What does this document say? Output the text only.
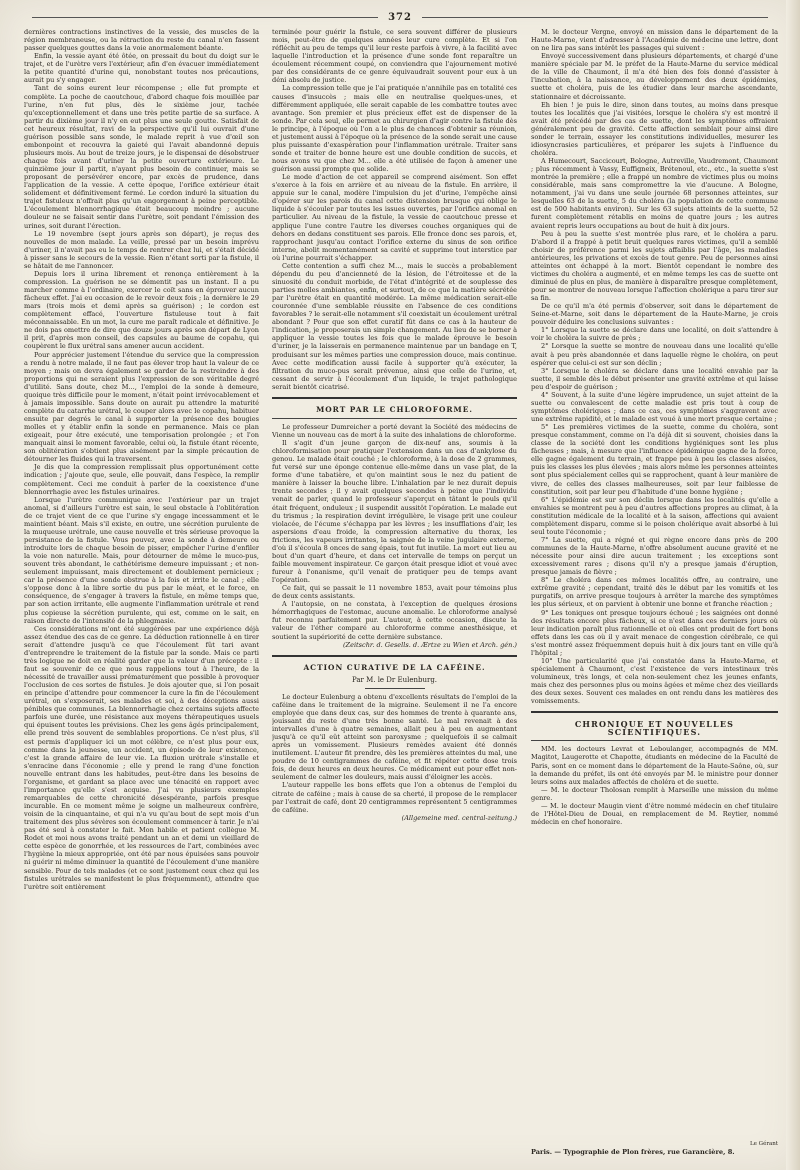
372

dernières contractions instinctives de la vessie, des muscles de la région membraneuse, ou la rétraction du reste du canal n'en fassent passer quelques gouttes dans la voie anormalement béante.

Enfin, la vessie ayant été ôtée, on pressait du bout du doigt sur le trajet, et de l'urètre vers l'extérieur, afin d'en évacuer immédiatement la petite quantité d'urine qui, nonobstant toutes nos précautions, aurait pu s'y engager.

Tant de soins eurent leur récompense ; elle fut prompte et complète. La poche de caoutchouc, d'abord chaque fois mouillée par l'urine, n'en fut plus, dès le sixième jour, tachée qu'exceptionnellement et dans une très petite partie de sa surface. A partir du dixième jour il n'y en eut plus une seule goutte. Satisfait de cet heureux résultat, ravi de la perspective qu'il lui ouvrait d'une guérison possible sans sonde, le malade reprit à vue d'œil son embonpoint et recouvra la gaieté qui l'avait abandonné depuis plusieurs mois. Au bout de treize jours, je le dispensai de désobstruer chaque fois avant d'uriner la petite ouverture extérieure. Le quinzième jour il partit, n'ayant plus besoin de continuer, mais se proposant de persévérer encore, par excès de prudence, dans l'application de la vessie. A cette époque, l'orifice extérieur était solidement et définitivement fermé. Le cordon induré la situation du trajet fistuleux n'offrait plus qu'un engorgement à peine perceptible. L'écoulement blennorrhagique était beaucoup moindre ; aucune douleur ne se faisait sentir dans l'urètre, soit pendant l'émission des urines, soit durant l'érection.

Le 19 novembre (sept jours après son départ), je reçus des nouvelles de mon malade. La veille, pressé par un besoin imprévu d'uriner, il n'avait pas eu le temps de rentrer chez lui, et s'était décidé à pisser sans le secours de la vessie. Rien n'étant sorti par la fistule, il se hâtait de me l'annoncer.

Depuis lors il urina librement et renonça entièrement à la compression. La guérison ne se démentit pas un instant. Il a pu marcher comme à l'ordinaire, exercer le coït sans en éprouver aucun fâcheux effet. J'ai eu occasion de le revoir deux fois ; la dernière le 29 mars (trois mois et demi après sa guérison) ; le cordon est complètement effacé, l'ouverture fistuleuse tout à fait méconnaissable. En un mot, la cure me paraît radicale et définitive. Je ne dois pas omettre de dire que douze jours après son départ de Lyon il prit, d'après mon conseil, des capsules au baume de copahu, qui coupèrent le flux urétral sans amener aucun accident.

Pour apprécier justement l'étendue du service que la compression a rendu à notre malade, il ne faut pas élever trop haut la valeur de ce moyen ; mais on devra également se garder de la restreindre à des proportions qui ne seraient plus l'expression de son véritable degré d'utilité. Sans doute, chez M..., l'emploi de la sonde à demeure, quoique très difficile pour le moment, n'était point irrévocablement et à jamais impossible. Sans doute on aurait pu attendre la maturité complète du catarrhe urétral, le couper alors avec le copahu, habituer ensuite par degrés le canal à supporter la présence des bougies molles et y établir enfin la sonde en permanence. Mais ce plan exigeait, pour être exécuté, une temporisation prolongée ; et l'on manquait ainsi le moment favorable, celui où, la fistule étant récente, son oblitération s'obtient plus aisément par la simple précaution de détourner les fluides qui la traversent.

Je dis que la compression remplissait plus opportunément cette indication ; j'ajoute que, seule, elle pouvait, dans l'espèce, la remplir complètement. Ceci me conduit à parler de la coexistence d'une blennorrhagie avec les fistules urinaires.

Lorsque l'urètre communique avec l'extérieur par un trajet anomal, si d'ailleurs l'urètre est sain, le seul obstacle à l'oblitération de ce trajet vient de ce que l'urine s'y engage incessamment et le maintient béant. Mais s'il existe, en outre, une sécrétion purulente de la muqueuse urétrale, une cause nouvelle et très sérieuse provoque la persistance de la fistule. Vous pouvez, avec la sonde à demeure ou introduite lors de chaque besoin de pisser, empêcher l'urine d'enfiler la voie non naturelle. Mais, pour détourner de même le muco-pus, souvent très abondant, le cathétérisme demeure impuissant ; et non-seulement impuissant, mais directement et doublement pernicieux ; car la présence d'une sonde obstrue à la fois et irrite le canal ; elle s'oppose donc à la libre sortie du pus par le méat, et le force, en conséquence, de s'engager à travers la fistule, en même temps que, par son action irritante, elle augmente l'inflammation urétrale et rend plus copieuse la sécrétion purulente, qui est, comme on le sait, en raison directe de l'intensité de la phlegmasie.

Ces considérations m'ont été suggérées par une expérience déjà assez étendue des cas de ce genre. La déduction rationnelle à en tirer serait d'attendre jusqu'à ce que l'écoulement fût tari avant d'entreprendre le traitement de la fistule par la sonde. Mais ce parti très logique ne doit en réalité garder que la valeur d'un précepte : il faut se souvenir de ce que nous rappelions tout à l'heure, de la nécessité de travailler aussi prématurément que possible à provoquer l'occlusion de ces sortes de fistules. Je dois ajouter que, si l'on posait en principe d'attendre pour commencer la cure la fin de l'écoulement urétral, on s'exposerait, ses malades et soi, à des déceptions aussi pénibles que communes. La blennorrhagie chez certains sujets affecte parfois une durée, une résistance aux moyens thérapeutiques usuels qui épuisent toutes les prévisions. Chez les gens âgés principalement, elle prend très souvent de semblables proportions. Ce n'est plus, s'il est permis d'appliquer ici un mot célèbre, ce n'est plus pour eux, comme dans la jeunesse, un accident, un épisode de leur existence, c'est la grande affaire de leur vie. La fluxion urétrale s'installe et s'enracine dans l'économie ; elle y prend le rang d'une fonction nouvelle entrant dans les habitudes, peut-être dans les besoins de l'organisme, et gardant sa place avec une ténacité en rapport avec l'importance qu'elle s'est acquise. J'ai vu plusieurs exemples remarquables de cette chronicité désespérante, parfois presque incurable. En ce moment même je soigne un malheureux confrère, voisin de la cinquantaine, et qui n'a vu qu'au bout de sept mois d'un traitement des plus sévères son écoulement commencer à tarir. Je n'ai pas été seul à constater le fait. Mon habile et patient collègue M. Rodet et moi nous avons traité pendant un an et demi un vieillard de cette espèce de gonorrhée, et les ressources de l'art, combinées avec l'hygiène la mieux appropriée, ont été par nous épuisées sans pouvoir ni guérir ni même diminuer la quantité de l'écoulement d'une manière sensible. Pour de tels malades (et ce sont justement ceux chez qui les fistules urétrales se manifestent le plus fréquemment), attendre que l'urètre soit entièrement

terminée pour guérir la fistule, ce sera souvent différer de plusieurs mois, peut-être de quelques années leur cure complète. Et si l'on réfléchit au peu de temps qu'il leur reste parfois à vivre, à la facilité avec laquelle l'introduction et la présence d'une sonde font reparaître un écoulement récemment coupé, on conviendra que l'ajournement motivé par des considérants de ce genre équivaudrait souvent pour eux à un déni absolu de justice.

La compression telle que je l'ai pratiquée n'annihile pas en totalité ces causes d'insuccès ; mais elle en neutralise quelques-unes, et différemment appliquée, elle serait capable de les combattre toutes avec avantage. Son premier et plus précieux effet est de dispenser de la sonde. Par cela seul, elle permet au chirurgien d'agir contre la fistule dès le principe, à l'époque où l'on a le plus de chances d'obtenir sa réunion, et justement aussi à l'époque où la présence de la sonde serait une cause plus puissante d'exaspération pour l'inflammation urétrale. Traiter sans sonde et traiter de bonne heure est une double condition de succès, et nous avons vu que chez M... elle a été utilisée de façon à amener une guérison aussi prompte que solide.

Le mode d'action de cet appareil se comprend aisément. Son effet s'exerce à la fois en arrière et au niveau de la fistule. En arrière, il appuie sur le canal, modère l'impulsion du jet d'urine, l'empêche ainsi d'opérer sur les parois du canal cette distension brusque qui oblige le liquide à s'écouler par toutes les issues ouvertes, par l'orifice anomal en particulier. Au niveau de la fistule, la vessie de caoutchouc presse et applique l'une contre l'autre les diverses couches organiques qui de dehors en dedans constituent ses parois. Elle fronce donc ses parois, et, rapprochant jusqu'au contact l'orifice externe du sinus de son orifice interne, abolit momentanément sa cavité et supprime tout interstice par où l'urine pourrait s'échapper.

Cette contention a suffi chez M..., mais le succès a probablement dépendu du peu d'ancienneté de la lésion, de l'étroitesse et de la sinuosité du conduit morbide, de l'état d'intégrité et de souplesse des parties molles ambiantes, enfin, et surtout, de ce que la matière sécrétée par l'urètre était en quantité modérée. La même médication serait-elle couronnée d'une semblable réussite en l'absence de ces conditions favorables ? le serait-elle notamment s'il coexistait un écoulement urétral abondant ? Pour que son effet curatif fût dans ce cas à la hauteur de l'indication, je proposerais un simple changement. Au lieu de se borner à appliquer la vessie toutes les fois que le malade éprouve le besoin d'uriner, je la laisserais en permanence maintenue par un bandage en T, produisant sur les mêmes parties une compression douce, mais continue. Avec cette modification aussi facile à supporter qu'à exécuter, la filtration du muco-pus serait prévenue, ainsi que celle de l'urine, et, cessant de servir à l'écoulement d'un liquide, le trajet pathologique serait bientôt cicatrisé.

MORT PAR LE CHLOROFORME.

Le professeur Dumreicher a porté devant la Société des médecins de Vienne un nouveau cas de mort à la suite des inhalations de chloroforme.

Il s'agit d'un jeune garçon de dix-neuf ans, soumis à la chloroformisation pour pratiquer l'extension dans un cas d'ankylose du genou. Le malade était couché ; le chloroforme, à la dose de 2 grammes, fut versé sur une éponge contenue elle-même dans un vase plat, de la forme d'une tabatière, et qu'on maintint sous le nez du patient de manière à laisser la bouche libre. L'inhalation par le nez durait depuis trente secondes ; il y avait quelques secondes à peine que l'individu venait de parler, quand le professeur s'aperçut en tâtant le pouls qu'il était fréquent, onduleux ; il suspendit aussitôt l'opération. Le malade eut du trismus ; la respiration devint irrégulière, le visage prit une couleur violacée, de l'écume s'échappa par les lèvres ; les insufflations d'air, les aspersions d'eau froide, la compression alternative du thorax, les frictions, les vapeurs irritantes, la saignée de la veine jugulaire externe, d'où il s'écoula 8 onces de sang épais, tout fut inutile. La mort eut lieu au bout d'un quart d'heure, et dans cet intervalle de temps on perçut un faible mouvement inspirateur. Ce garçon était presque idiot et voué avec fureur à l'onanisme, qu'il venait de pratiquer peu de temps avant l'opération.

Ce fait, qui se passait le 11 novembre 1853, avait pour témoins plus de deux cents assistants.

A l'autopsie, on ne constata, à l'exception de quelques érosions hémorrhagiques de l'estomac, aucune anomalie. Le chloroforme analysé fut reconnu parfaitement pur. L'auteur, à cette occasion, discute la valeur de l'éther comparé au chloroforme comme anesthésique, et soutient la supériorité de cette dernière substance.

(Zeitschr. d. Gesells. d. Ærtze zu Wien et Arch. gén.)
ACTION CURATIVE DE LA CAFÉINE.
Par M. le Dr Eulenburg.

Le docteur Eulenburg a obtenu d'excellents résultats de l'emploi de la caféine dans le traitement de la migraine. Seulement il ne l'a encore employée que dans deux cas, sur des hommes de trente à quarante ans, jouissant du reste d'une très bonne santé. Le mal revenait à des intervalles d'une à quatre semaines, allait peu à peu en augmentant jusqu'à ce qu'il eût atteint son paroxysme ; quelquefois il se calmait après un vomissement. Plusieurs remèdes avaient été donnés inutilement. L'auteur fit prendre, dès les premières atteintes du mal, une poudre de 10 centigrammes de caféine, et fit répéter cette dose trois fois, de deux heures en deux heures. Ce médicament eut pour effet non-seulement de calmer les douleurs, mais aussi d'éloigner les accès.

L'auteur rappelle les bons effets que l'on a obtenus de l'emploi du citrate de caféine ; mais à cause de sa cherté, il propose de le remplacer par l'extrait de café, dont 20 centigrammes représentent 5 centigrammes de caféine.

(Allgemeine med. central-zeitung.)

M. le docteur Vergne, envoyé en mission dans le département de la Haute-Marne, vient d'adresser à l'Académie de médecine une lettre, dont on ne lira pas sans intérêt les passages qui suivent :

Envoyé successivement dans plusieurs départements, et chargé d'une manière spéciale par M. le préfet de la Haute-Marne du service médical de la ville de Chaumont, il m'a été bien des fois donné d'assister à l'incubation, à la naissance, au développement des deux épidémies, suette et choléra, puis de les étudier dans leur marche ascendante, stationnaire et décroissante.

Eh bien ! je puis le dire, sinon dans toutes, au moins dans presque toutes les localités que j'ai visitées, lorsque le choléra s'y est montré il avait été précédé par des cas de suette, dont les symptômes offraient généralement peu de gravité. Cette affection semblait pour ainsi dire sonder le terrain, essayer les constitutions individuelles, mesurer les idiosyncrasies particulières, et préparer les sujets à l'influence du choléra.

A Humecourt, Saccicourt, Bologne, Autreville, Vaudremont, Chaumont ; plus récemment à Vassy, Euffigneix, Brétenoul, etc., etc., la suette s'est montrée la première ; elle a frappé un nombre de victimes plus ou moins considérable, mais sans compromettre la vie d'aucune. A Bologne, notamment, j'ai vu dans une seule journée 68 personnes atteintes, sur lesquelles 63 de la suette, 5 du choléra (la population de cette commune est de 500 habitants environ). Sur les 63 sujets atteints de la suette, 52 furent complètement rétablis en moins de quatre jours ; les autres avaient repris leurs occupations au bout de huit à dix jours.

Peu à peu la suette s'est montrée plus rare, et le choléra a paru. D'abord il a frappé à petit bruit quelques rares victimes, qu'il a semblé choisir de préférence parmi les sujets affaiblis par l'âge, les maladies antérieures, les privations et excès de tout genre. Peu de personnes ainsi atteintes ont échappé à la mort. Bientôt cependant le nombre des victimes du choléra a augmenté, et en même temps les cas de suette ont diminué de plus en plus, de manière à disparaître presque complètement, pour se montrer de nouveau lorsque l'affection cholérique a paru tirer sur sa fin.

De ce qu'il m'a été permis d'observer, soit dans le département de Seine-et-Marne, soit dans le département de la Haute-Marne, je crois pouvoir déduire les conclusions suivantes :

1° Lorsque la suette se déclare dans une localité, on doit s'attendre à voir le choléra la suivre de près ;

2° Lorsque la suette se montre de nouveau dans une localité qu'elle avait à peu près abandonnée et dans laquelle règne le choléra, on peut espérer que celui-ci est sur son déclin ;

3° Lorsque le choléra se déclare dans une localité envahie par la suette, il semble dès le début présenter une gravité extrême et qui laisse peu d'espoir de guérison ;

4° Souvent, à la suite d'une légère imprudence, un sujet atteint de la suette ou convalescent de cette maladie est pris tout à coup de symptômes cholériques ; dans ce cas, ces symptômes s'aggravent avec une extrême rapidité, et le malade est voué à une mort presque certaine ;

5° Les premières victimes de la suette, comme du choléra, sont presque constamment, comme on l'a déjà dit si souvent, choisies dans la classe de la société dont les conditions hygiéniques sont les plus fâcheuses ; mais, à mesure que l'influence épidémique gagne de la force, elle gagne également du terrain, et frappe peu à peu les classes aisées, puis les classes les plus élevées ; mais alors même les personnes atteintes sont plus spécialement celles qui se rapprochent, quant à leur manière de vivre, de celles des classes malheureuses, soit par leur faiblesse de constitution, soit par leur peu d'habitude d'une bonne hygiène ;

6° L'épidémie est sur son déclin lorsque dans les localités qu'elle a envahies se montrent peu à peu d'autres affections propres au climat, à la constitution médicale de la localité et à la saison, affections qui avaient complètement disparu, comme si le poison cholérique avait absorbé à lui seul toute l'économie ;

7° La suette, qui a régné et qui règne encore dans près de 200 communes de la Haute-Marne, n'offre absolument aucune gravité et ne nécessite pour ainsi dire aucun traitement ; les exceptions sont excessivement rares ; disons qu'il n'y a presque jamais d'éruption, presque jamais de fièvre ;

8° Le choléra dans ces mêmes localités offre, au contraire, une extrême gravité ; cependant, traité dès le début par les vomitifs et les purgatifs, on arrive presque toujours à arrêter la marche des symptômes les plus sérieux, et on parvient à obtenir une bonne et franche réaction ;

9° Les toniques ont presque toujours échoué ; les saignées ont donné des résultats encore plus fâcheux, si ce n'est dans ces derniers jours où leur indication paraît plus rationnelle et où elles ont produit de fort bons effets dans les cas où il y avait menace de congestion cérébrale, ce qui s'est montré assez fréquemment depuis huit à dix jours tant en ville qu'à l'hôpital ;

10° Une particularité que j'ai constatée dans la Haute-Marne, et spécialement à Chaumont, c'est l'existence de vers intestinaux très volumineux, très longs, et cela non-seulement chez les jeunes enfants, mais chez des personnes plus ou moins âgées et même chez des vieillards des deux sexes. Souvent ces malades en ont rendu dans les matières des vomissements.

CHRONIQUE ET NOUVELLES SCIENTIFIQUES.

MM. les docteurs Levrat et Leboulanger, accompagnés de MM. Magitot, Laugerotte et Chapotte, étudiants en médecine de la Faculté de Paris, sont en ce moment dans le département de la Haute-Saône, où, sur la demande du préfet, ils ont été envoyés par M. le ministre pour donner leurs soins aux malades affectés de choléra et de suette.

— M. le docteur Tholosan remplit à Marseille une mission du même genre.

— M. le docteur Maugin vient d'être nommé médecin en chef titulaire de l'Hôtel-Dieu de Douai, en remplacement de M. Reytier, nommé médecin en chef honoraire.

Le Gérant
Paris. — Typographie de Plon frères, rue Garancière, 8.
